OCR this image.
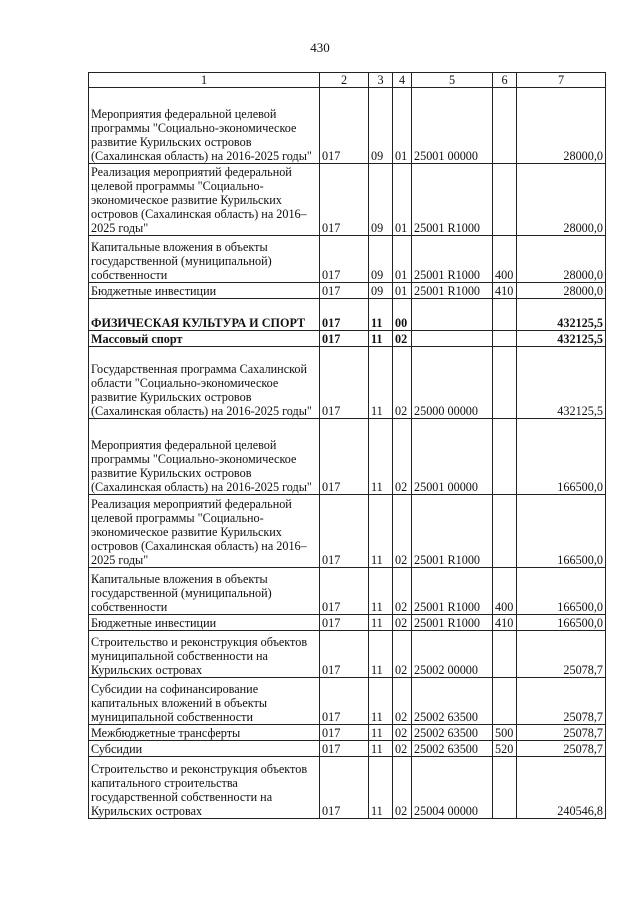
430
1	2	3	4	5	6	7
Мероприятия федеральной целевой программы "Социально-экономическое развитие Курильских островов (Сахалинская область) на 2016-2025 годы"	017	09	01	25001 00000		28000,0
Реализация мероприятий федеральной целевой программы "Социально-экономическое развитие Курильских островов (Сахалинская область) на 2016–2025 годы"	017	09	01	25001 R1000		28000,0
Капитальные вложения в объекты государственной (муниципальной) собственности	017	09	01	25001 R1000	400	28000,0
Бюджетные инвестиции	017	09	01	25001 R1000	410	28000,0
ФИЗИЧЕСКАЯ КУЛЬТУРА И СПОРТ	017	11	00			432125,5
Массовый спорт	017	11	02			432125,5
Государственная программа Сахалинской области "Социально-экономическое развитие Курильских островов (Сахалинская область) на 2016-2025 годы"	017	11	02	25000 00000		432125,5
Мероприятия федеральной целевой программы "Социально-экономическое развитие Курильских островов (Сахалинская область) на 2016-2025 годы"	017	11	02	25001 00000		166500,0
Реализация мероприятий федеральной целевой программы "Социально-экономическое развитие Курильских островов (Сахалинская область) на 2016–2025 годы"	017	11	02	25001 R1000		166500,0
Капитальные вложения в объекты государственной (муниципальной) собственности	017	11	02	25001 R1000	400	166500,0
Бюджетные инвестиции	017	11	02	25001 R1000	410	166500,0
Строительство и реконструкция объектов муниципальной собственности на Курильских островах	017	11	02	25002 00000		25078,7
Субсидии на софинансирование капитальных вложений в объекты муниципальной собственности	017	11	02	25002 63500		25078,7
Межбюджетные трансферты	017	11	02	25002 63500	500	25078,7
Субсидии	017	11	02	25002 63500	520	25078,7
Строительство и реконструкция объектов капитального строительства государственной собственности на Курильских островах	017	11	02	25004 00000		240546,8
